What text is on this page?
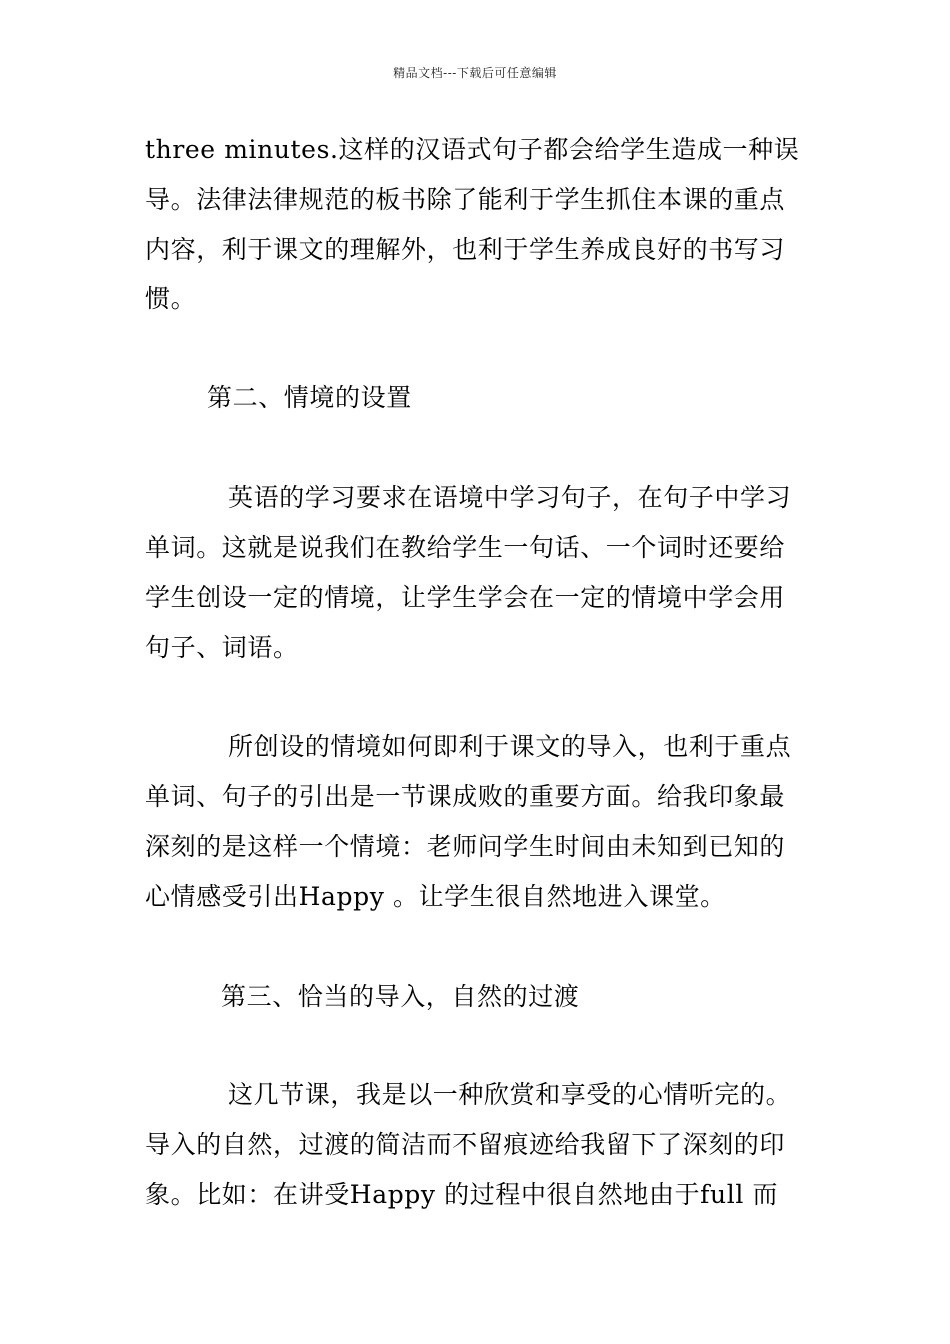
精品文档---下载后可任意编辑
three minutes.这样的汉语式句子都会给学生造成一种误
导。法律法律规范的板书除了能利于学生抓住本课的重点
内容，利于课文的理解外，也利于学生养成良好的书写习
惯。
第二、情境的设置
英语的学习要求在语境中学习句子，在句子中学习
单词。这就是说我们在教给学生一句话、一个词时还要给
学生创设一定的情境，让学生学会在一定的情境中学会用
句子、词语。
所创设的情境如何即利于课文的导入，也利于重点
单词、句子的引出是一节课成败的重要方面。给我印象最
深刻的是这样一个情境：老师问学生时间由未知到已知的
心情感受引出Happy 。让学生很自然地进入课堂。
第三、恰当的导入，自然的过渡
这几节课，我是以一种欣赏和享受的心情听完的。
导入的自然，过渡的简洁而不留痕迹给我留下了深刻的印
象。比如：在讲受Happy 的过程中很自然地由于full 而
